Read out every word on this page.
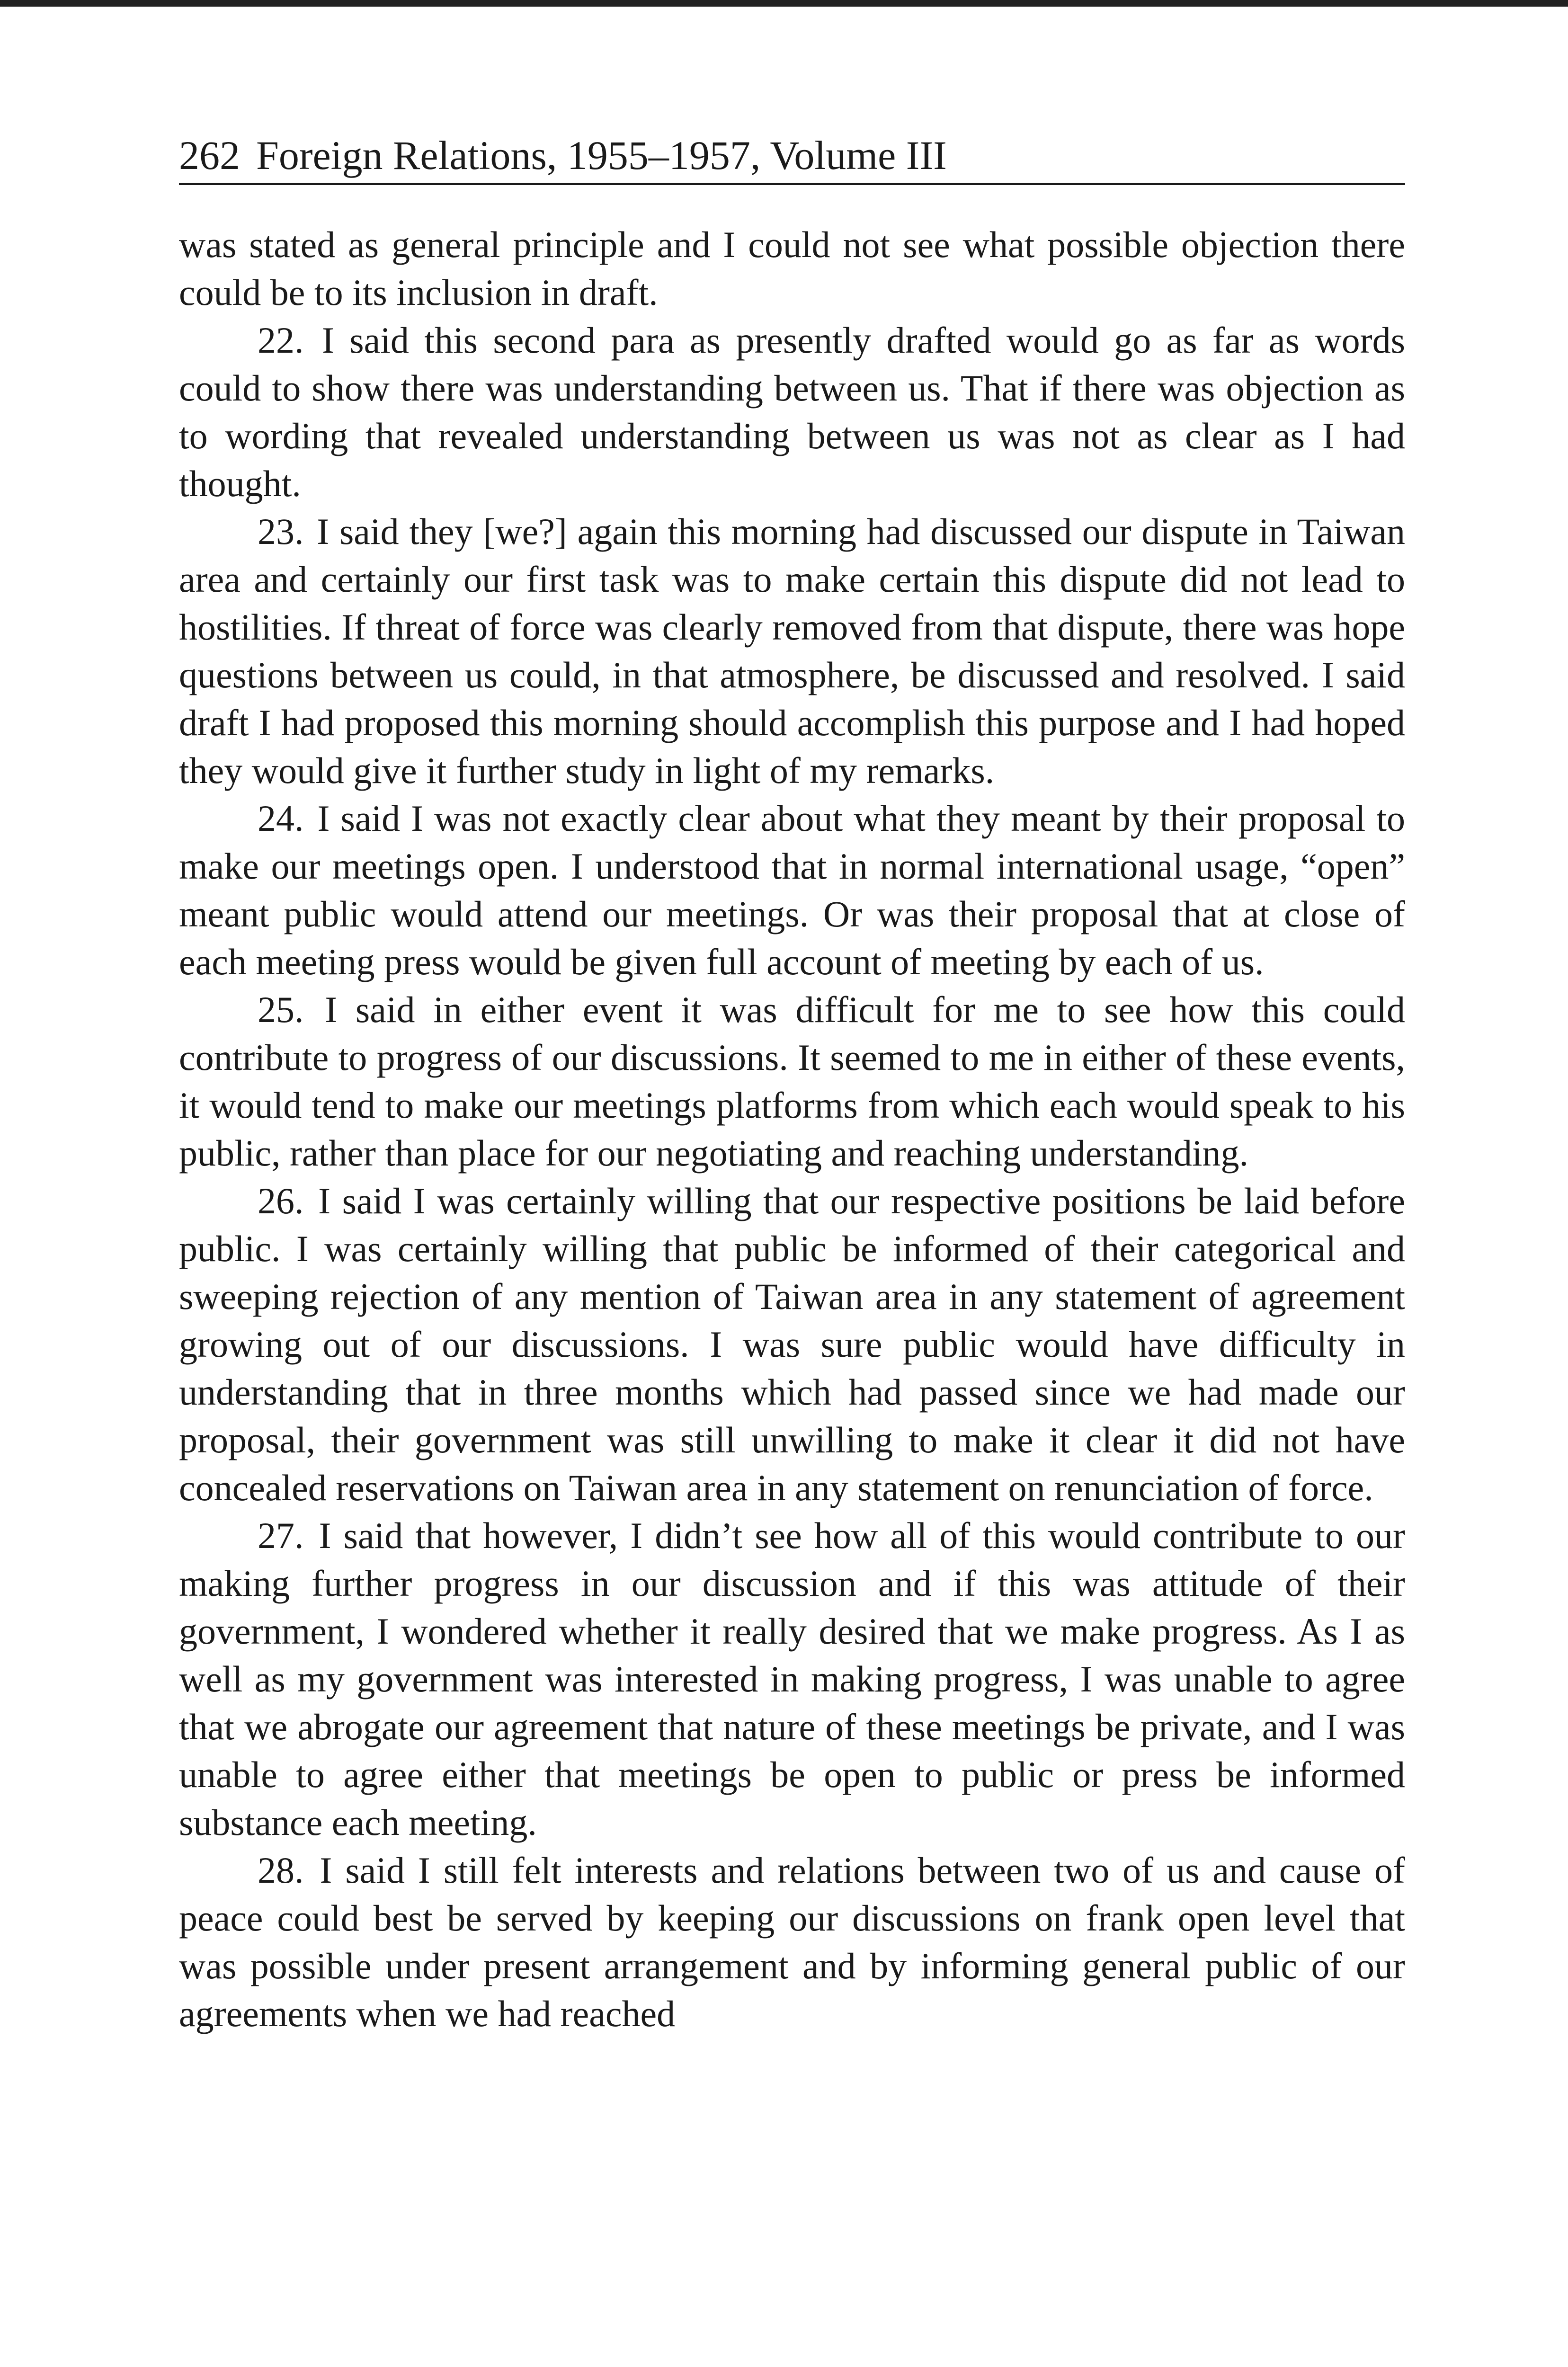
262 Foreign Relations, 1955–1957, Volume III

was stated as general principle and I could not see what possible objection there could be to its inclusion in draft.

22. I said this second para as presently drafted would go as far as words could to show there was understanding between us. That if there was objection as to wording that revealed understanding between us was not as clear as I had thought.

23. I said they [we?] again this morning had discussed our dispute in Taiwan area and certainly our first task was to make certain this dispute did not lead to hostilities. If threat of force was clearly removed from that dispute, there was hope questions between us could, in that atmosphere, be discussed and resolved. I said draft I had proposed this morning should accomplish this purpose and I had hoped they would give it further study in light of my remarks.

24. I said I was not exactly clear about what they meant by their proposal to make our meetings open. I understood that in normal international usage, “open” meant public would attend our meetings. Or was their proposal that at close of each meeting press would be given full account of meeting by each of us.

25. I said in either event it was difficult for me to see how this could contribute to progress of our discussions. It seemed to me in either of these events, it would tend to make our meetings platforms from which each would speak to his public, rather than place for our negotiating and reaching understanding.

26. I said I was certainly willing that our respective positions be laid before public. I was certainly willing that public be informed of their categorical and sweeping rejection of any mention of Taiwan area in any statement of agreement growing out of our discussions. I was sure public would have difficulty in understanding that in three months which had passed since we had made our proposal, their government was still unwilling to make it clear it did not have concealed reservations on Taiwan area in any statement on renunciation of force.

27. I said that however, I didn’t see how all of this would contribute to our making further progress in our discussion and if this was attitude of their government, I wondered whether it really desired that we make progress. As I as well as my government was interested in making progress, I was unable to agree that we abrogate our agreement that nature of these meetings be private, and I was unable to agree either that meetings be open to public or press be informed substance each meeting.

28. I said I still felt interests and relations between two of us and cause of peace could best be served by keeping our discussions on frank open level that was possible under present arrangement and by informing general public of our agreements when we had reached
